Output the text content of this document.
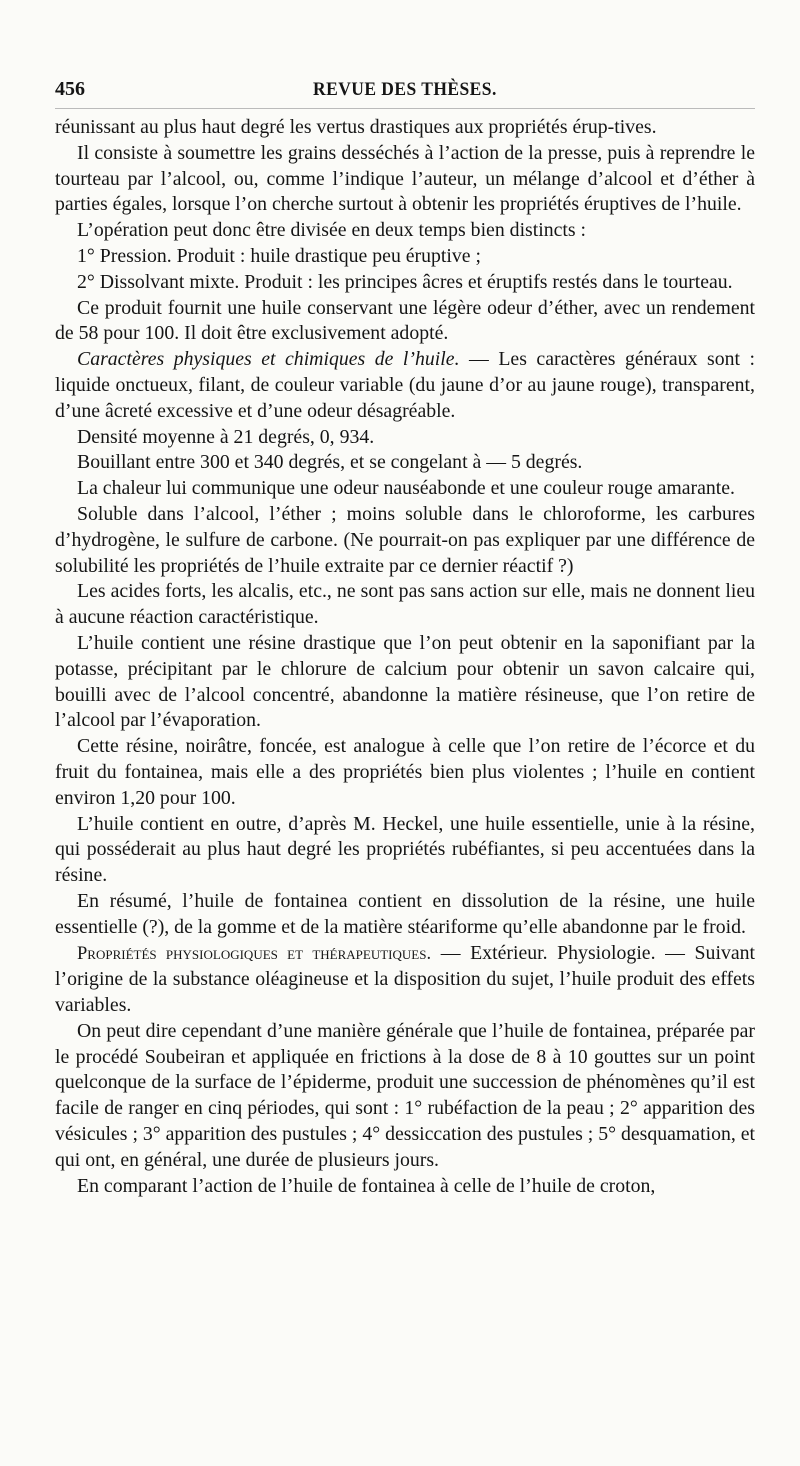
456	REVUE DES THÈSES.

réunissant au plus haut degré les vertus drastiques aux propriétés érup-tives.

Il consiste à soumettre les grains desséchés à l’action de la presse, puis à reprendre le tourteau par l’alcool, ou, comme l’indique l’auteur, un mélange d’alcool et d’éther à parties égales, lorsque l’on cherche surtout à obtenir les propriétés éruptives de l’huile.

L’opération peut donc être divisée en deux temps bien distincts :

1° Pression. Produit : huile drastique peu éruptive ;

2° Dissolvant mixte. Produit : les principes âcres et éruptifs restés dans le tourteau.

Ce produit fournit une huile conservant une légère odeur d’éther, avec un rendement de 58 pour 100. Il doit être exclusivement adopté.

Caractères physiques et chimiques de l’huile. — Les caractères généraux sont : liquide onctueux, filant, de couleur variable (du jaune d’or au jaune rouge), transparent, d’une âcreté excessive et d’une odeur désagréable.

Densité moyenne à 21 degrés, 0, 934.

Bouillant entre 300 et 340 degrés, et se congelant à — 5 degrés.

La chaleur lui communique une odeur nauséabonde et une couleur rouge amarante.

Soluble dans l’alcool, l’éther ; moins soluble dans le chloroforme, les carbures d’hydrogène, le sulfure de carbone. (Ne pourrait-on pas expliquer par une différence de solubilité les propriétés de l’huile extraite par ce dernier réactif ?)

Les acides forts, les alcalis, etc., ne sont pas sans action sur elle, mais ne donnent lieu à aucune réaction caractéristique.

L’huile contient une résine drastique que l’on peut obtenir en la saponifiant par la potasse, précipitant par le chlorure de calcium pour obtenir un savon calcaire qui, bouilli avec de l’alcool concentré, abandonne la matière résineuse, que l’on retire de l’alcool par l’évaporation.

Cette résine, noirâtre, foncée, est analogue à celle que l’on retire de l’écorce et du fruit du fontainea, mais elle a des propriétés bien plus violentes ; l’huile en contient environ 1,20 pour 100.

L’huile contient en outre, d’après M. Heckel, une huile essentielle, unie à la résine, qui posséderait au plus haut degré les propriétés rubéfiantes, si peu accentuées dans la résine.

En résumé, l’huile de fontainea contient en dissolution de la résine, une huile essentielle (?), de la gomme et de la matière stéariforme qu’elle abandonne par le froid.

Propriétés physiologiques et thérapeutiques. — Extérieur. Physiologie. — Suivant l’origine de la substance oléagineuse et la disposition du sujet, l’huile produit des effets variables.

On peut dire cependant d’une manière générale que l’huile de fontainea, préparée par le procédé Soubeiran et appliquée en frictions à la dose de 8 à 10 gouttes sur un point quelconque de la surface de l’épiderme, produit une succession de phénomènes qu’il est facile de ranger en cinq périodes, qui sont : 1° rubéfaction de la peau ; 2° apparition des vésicules ; 3° apparition des pustules ; 4° dessiccation des pustules ; 5° desquamation, et qui ont, en général, une durée de plusieurs jours.

En comparant l’action de l’huile de fontainea à celle de l’huile de croton,
